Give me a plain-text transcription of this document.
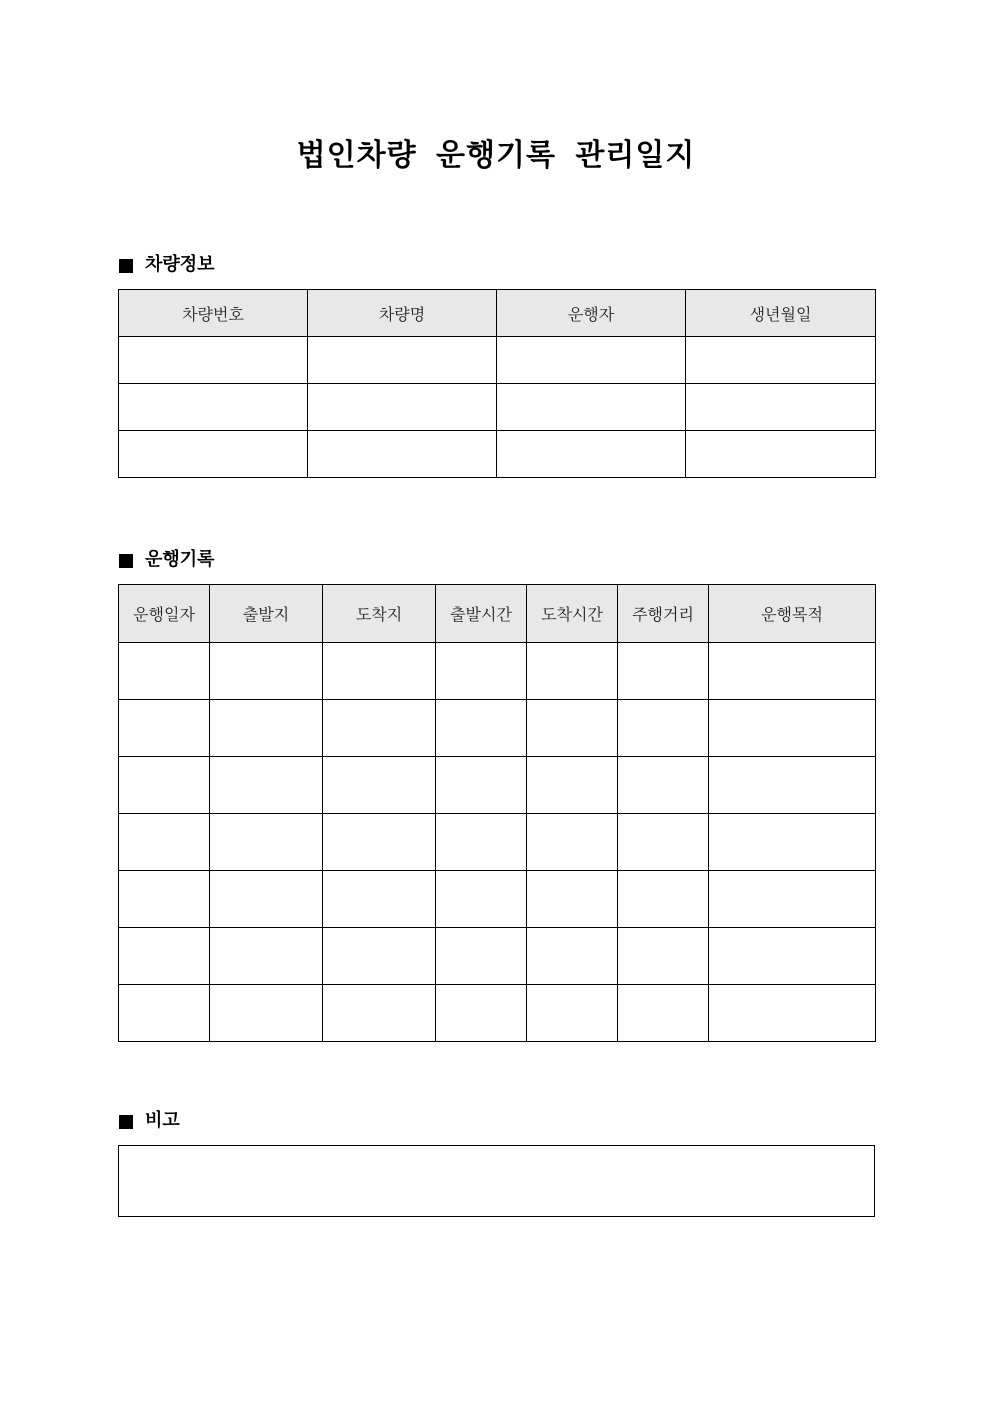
법인차량 운행기록 관리일지
차량정보
차량번호	차량명	운행자	생년월일

운행기록
운행일자	출발지	도착지	출발시간	도착시간	주행거리	운행목적

비고
